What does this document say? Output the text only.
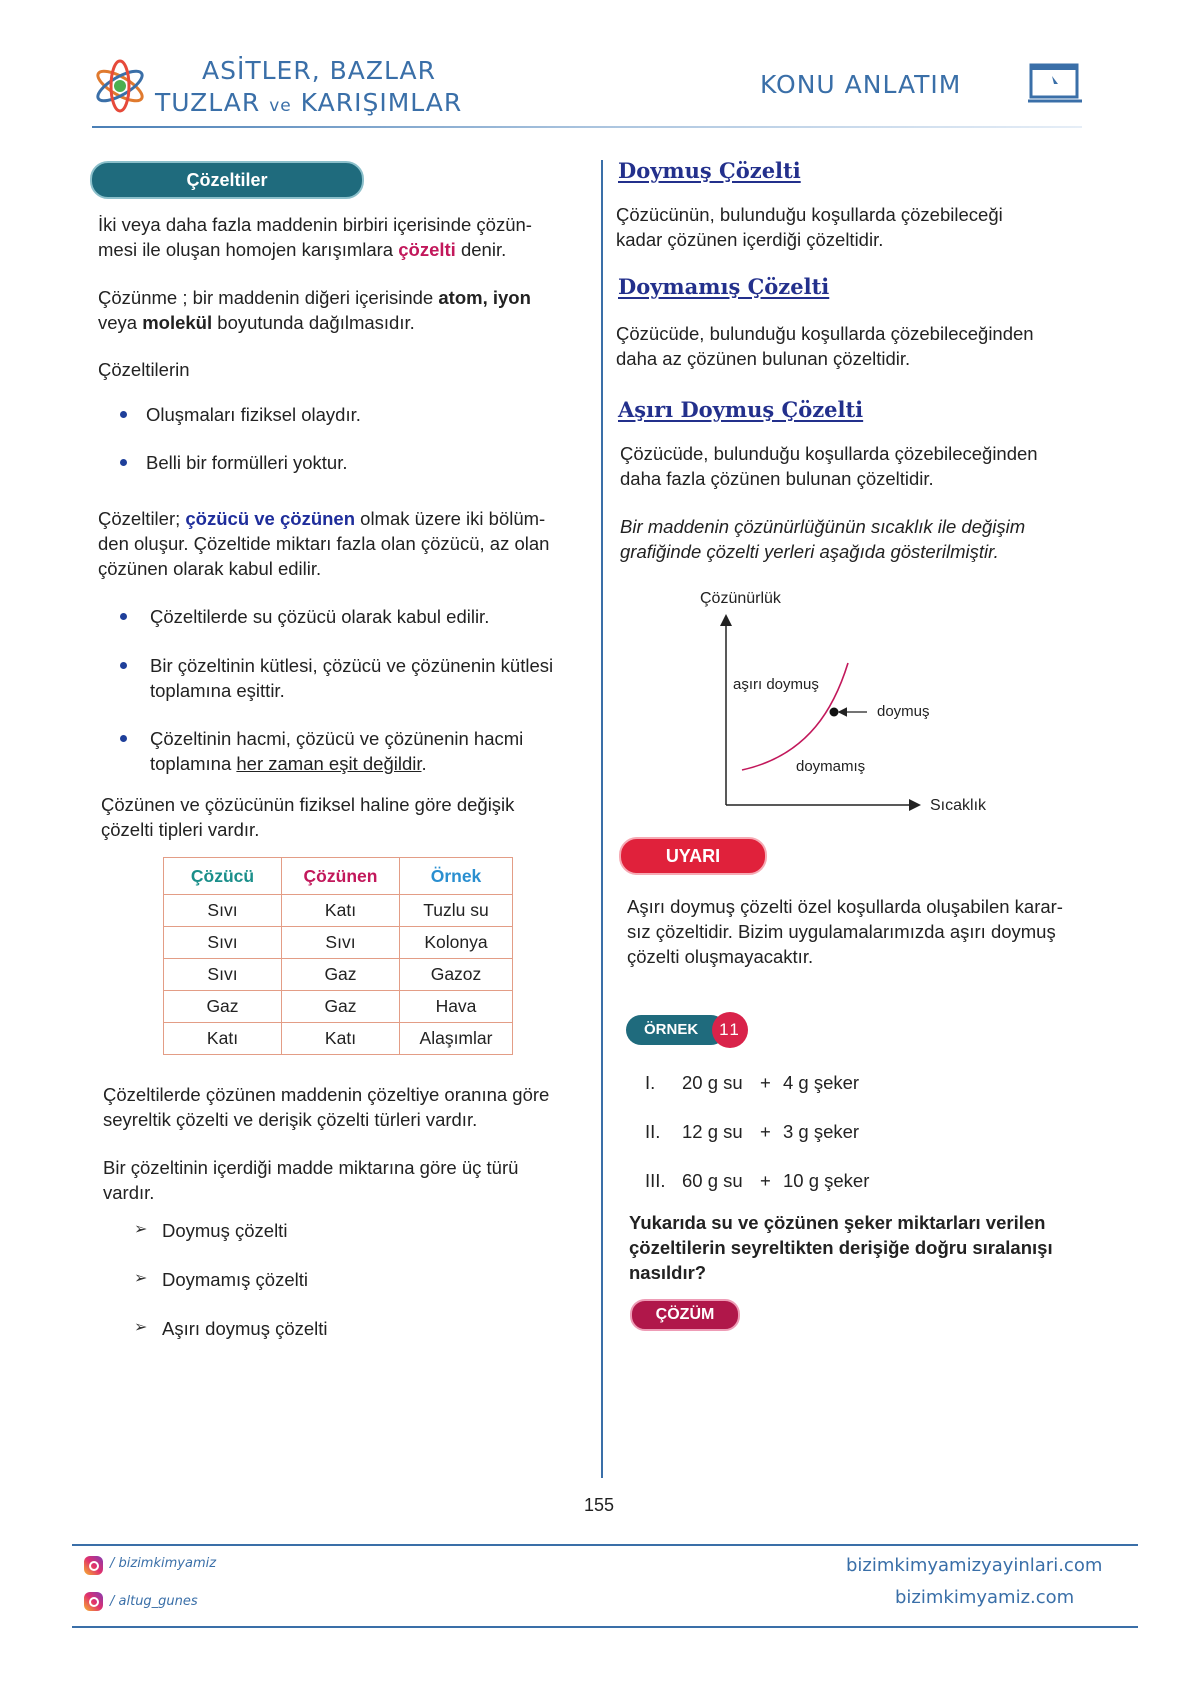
ASİTLER, BAZLAR
TUZLAR ve KARIŞIMLAR
KONU ANLATIM
Çözeltiler
İki veya daha fazla maddenin birbiri içerisinde çözün-
mesi ile oluşan homojen karışımlara çözelti denir.
Çözünme ; bir maddenin diğeri içerisinde atom, iyon
veya molekül boyutunda dağılmasıdır.
Çözeltilerin
Oluşmaları fiziksel olaydır.
Belli bir formülleri yoktur.
Çözeltiler; çözücü ve çözünen olmak üzere iki bölüm-
den oluşur. Çözeltide miktarı fazla olan çözücü, az olan
çözünen olarak kabul edilir.
Çözeltilerde su çözücü olarak kabul edilir.
Bir çözeltinin kütlesi, çözücü ve çözünenin kütlesi
toplamına eşittir.
Çözeltinin hacmi, çözücü ve çözünenin hacmi
toplamına her zaman eşit değildir.
Çözünen ve çözücünün fiziksel haline göre değişik
çözelti tipleri vardır.
Çözücü	Çözünen	Örnek
Sıvı	Katı	Tuzlu su
Sıvı	Sıvı	Kolonya
Sıvı	Gaz	Gazoz
Gaz	Gaz	Hava
Katı	Katı	Alaşımlar
Çözeltilerde çözünen maddenin çözeltiye oranına göre
seyreltik çözelti ve derişik çözelti türleri vardır.
Bir çözeltinin içerdiği madde miktarına göre üç türü
vardır.
➢ Doymuş çözelti
➢ Doymamış çözelti
➢ Aşırı doymuş çözelti
Doymuş Çözelti
Çözücünün, bulunduğu koşullarda çözebileceği
kadar çözünen içerdiği çözeltidir.
Doymamış Çözelti
Çözücüde, bulunduğu koşullarda çözebileceğinden
daha az çözünen bulunan çözeltidir.
Aşırı Doymuş Çözelti
Çözücüde, bulunduğu koşullarda çözebileceğinden
daha fazla çözünen bulunan çözeltidir.
Bir maddenin çözünürlüğünün sıcaklık ile değişim
grafiğinde çözelti yerleri aşağıda gösterilmiştir.
Çözünürlük
Sıcaklık
aşırı doymuş
doymuş
doymamış
UYARI
Aşırı doymuş çözelti özel koşullarda oluşabilen karar-
sız çözeltidir. Bizim uygulamalarımızda aşırı doymuş
çözelti oluşmayacaktır.
ÖRNEK	11
I. 20 g su + 4 g şeker
II. 12 g su + 3 g şeker
III. 60 g su + 10 g şeker
Yukarıda su ve çözünen şeker miktarları verilen
çözeltilerin seyreltikten derişiğe doğru sıralanışı
nasıldır?
ÇÖZÜM
155
/ bizimkimyamiz
/ altug_gunes
bizimkimyamizyayinlari.com
bizimkimyamiz.com
